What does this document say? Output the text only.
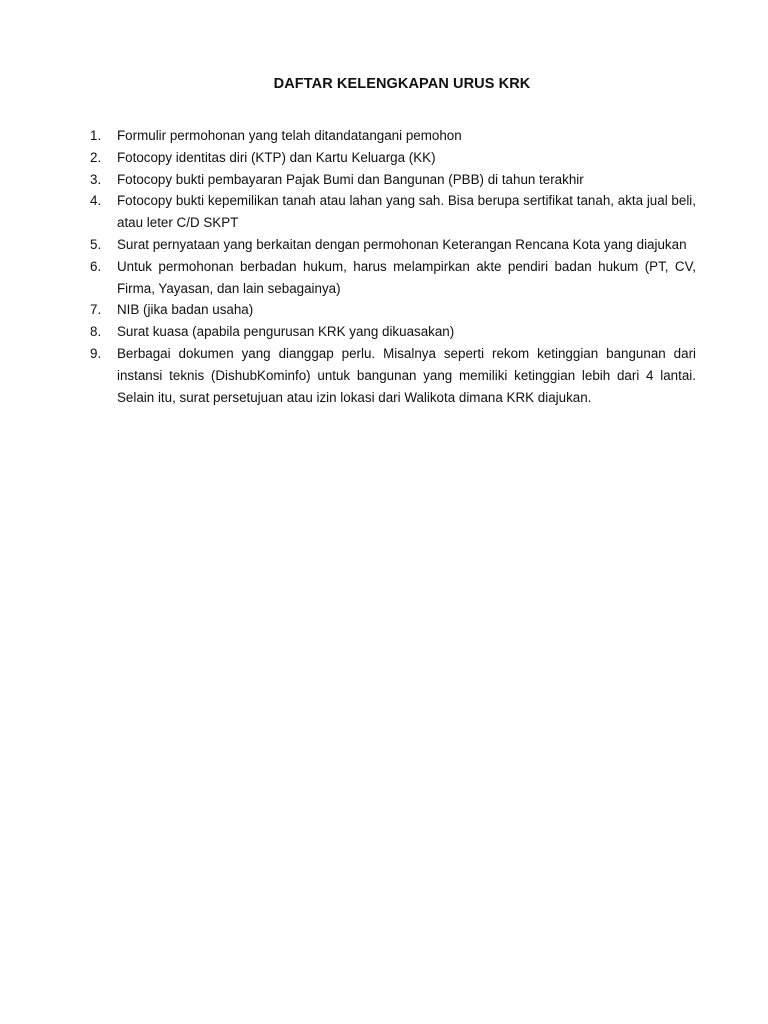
DAFTAR KELENGKAPAN URUS KRK
1.	Formulir permohonan yang telah ditandatangani pemohon
2.	Fotocopy identitas diri (KTP) dan Kartu Keluarga (KK)
3.	Fotocopy bukti pembayaran Pajak Bumi dan Bangunan (PBB) di tahun terakhir
4.	Fotocopy bukti kepemilikan tanah atau lahan yang sah. Bisa berupa sertifikat tanah, akta jual beli, atau leter C/D SKPT
5.	Surat pernyataan yang berkaitan dengan permohonan Keterangan Rencana Kota yang diajukan
6.	Untuk permohonan berbadan hukum, harus melampirkan akte pendiri badan hukum (PT, CV, Firma, Yayasan, dan lain sebagainya)
7.	NIB (jika badan usaha)
8.	Surat kuasa (apabila pengurusan KRK yang dikuasakan)
9.	Berbagai dokumen yang dianggap perlu. Misalnya seperti rekom ketinggian bangunan dari instansi teknis (DishubKominfo) untuk bangunan yang memiliki ketinggian lebih dari 4 lantai. Selain itu, surat persetujuan atau izin lokasi dari Walikota dimana KRK diajukan.
